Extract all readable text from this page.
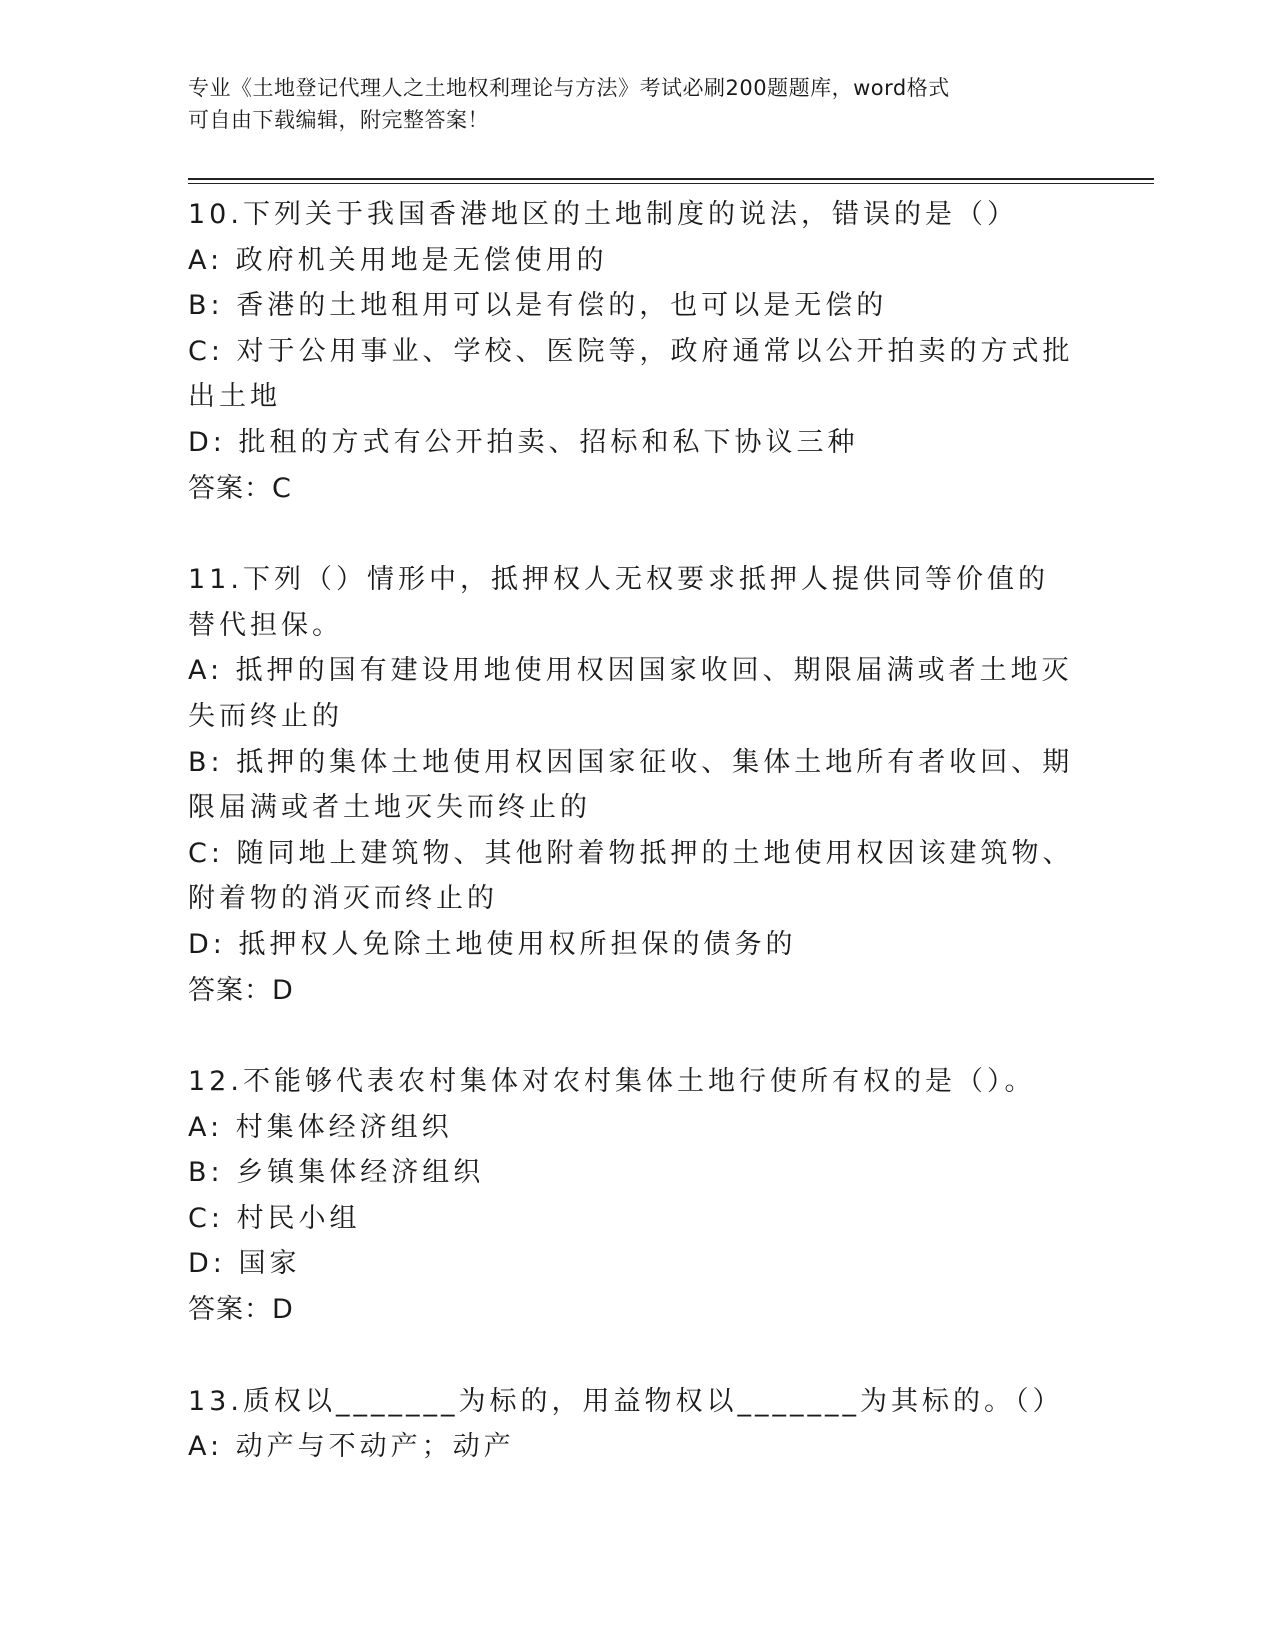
专业《土地登记代理人之土地权利理论与方法》考试必刷200题题库，word格式
可自由下载编辑，附完整答案！

10.下列关于我国香港地区的土地制度的说法，错误的是（）

A: 政府机关用地是无偿使用的

B: 香港的土地租用可以是有偿的，也可以是无偿的

C: 对于公用事业、学校、医院等，政府通常以公开拍卖的方式批出土地

D: 批租的方式有公开拍卖、招标和私下协议三种

答案：C

11.下列（）情形中，抵押权人无权要求抵押人提供同等价值的替代担保。

A: 抵押的国有建设用地使用权因国家收回、期限届满或者土地灭失而终止的

B: 抵押的集体土地使用权因国家征收、集体土地所有者收回、期限届满或者土地灭失而终止的

C: 随同地上建筑物、其他附着物抵押的土地使用权因该建筑物、附着物的消灭而终止的

D: 抵押权人免除土地使用权所担保的债务的

答案：D

12.不能够代表农村集体对农村集体土地行使所有权的是（）。

A: 村集体经济组织

B: 乡镇集体经济组织

C: 村民小组

D: 国家

答案：D

13.质权以_______为标的，用益物权以_______为其标的。（）

A: 动产与不动产；动产
